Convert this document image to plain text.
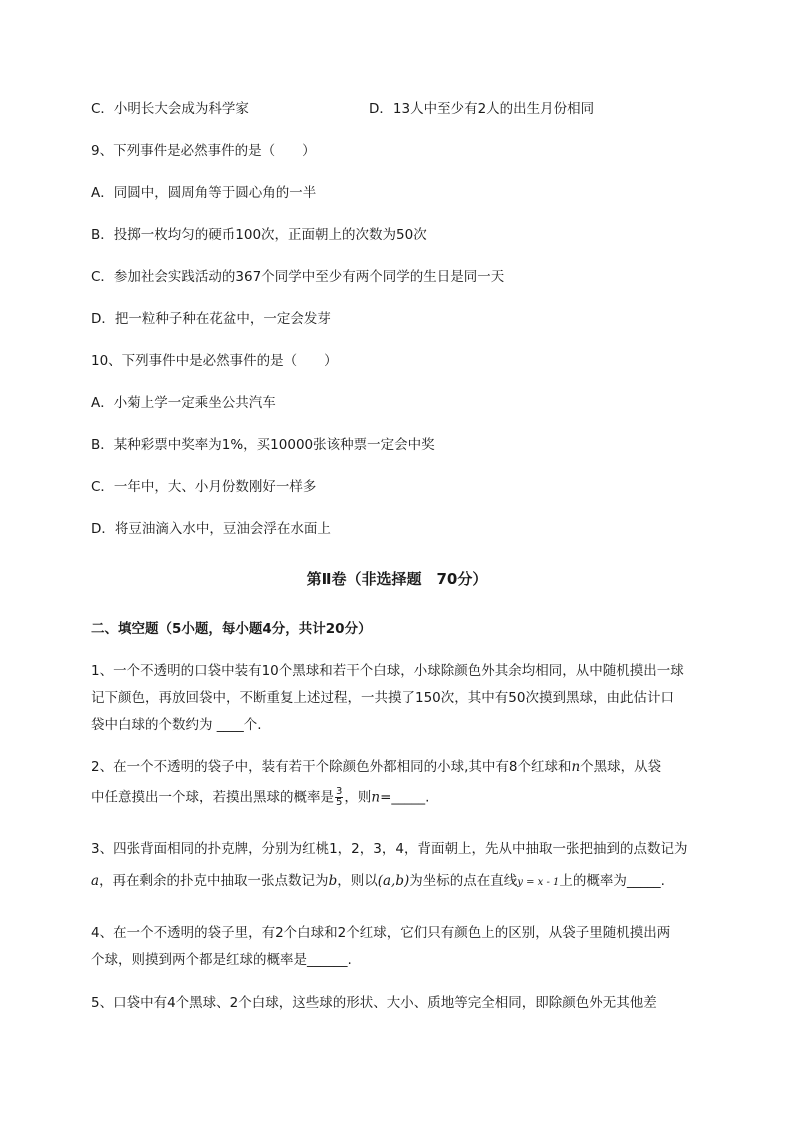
C．小明长大会成为科学家	D．13人中至少有2人的出生月份相同
9、下列事件是必然事件的是（　　）
A．同圆中，圆周角等于圆心角的一半
B．投掷一枚均匀的硬币100次，正面朝上的次数为50次
C．参加社会实践活动的367个同学中至少有两个同学的生日是同一天
D．把一粒种子种在花盆中，一定会发芽
10、下列事件中是必然事件的是（　　）
A．小菊上学一定乘坐公共汽车
B．某种彩票中奖率为1%，买10000张该种票一定会中奖
C．一年中，大、小月份数刚好一样多
D．将豆油滴入水中，豆油会浮在水面上
第Ⅱ卷（非选择题　70分）
二、填空题（5小题，每小题4分，共计20分）
1、一个不透明的口袋中装有10个黑球和若干个白球，小球除颜色外其余均相同，从中随机摸出一球
记下颜色，再放回袋中，不断重复上述过程，一共摸了150次，其中有50次摸到黑球，由此估计口
袋中白球的个数约为 ____个.
2、在一个不透明的袋子中，装有若干个除颜色外都相同的小球,其中有8个红球和n个黑球，从袋
中任意摸出一个球，若摸出黑球的概率是 $\frac{3}{5}$ ，则n=_____.
3、四张背面相同的扑克牌，分别为红桃1，2，3，4，背面朝上，先从中抽取一张把抽到的点数记为
a，再在剩余的扑克中抽取一张点数记为b，则以(a,b)为坐标的点在直线y = x - 1上的概率为_____.
4、在一个不透明的袋子里，有2个白球和2个红球，它们只有颜色上的区别，从袋子里随机摸出两
个球，则摸到两个都是红球的概率是______.
5、口袋中有4个黑球、2个白球，这些球的形状、大小、质地等完全相同，即除颜色外无其他差
